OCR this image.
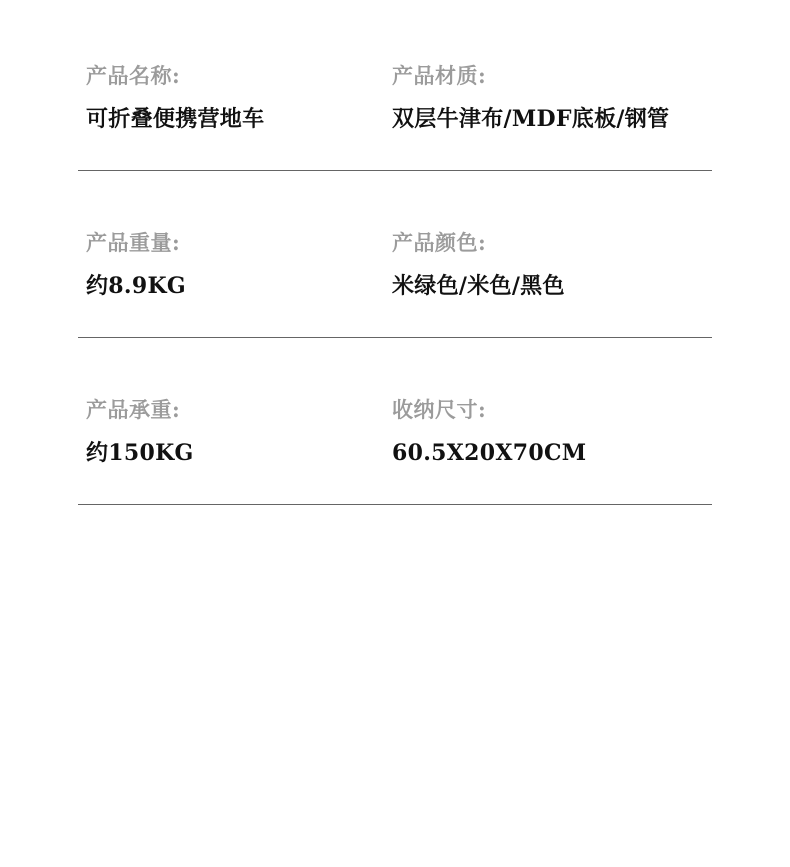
产品名称:
可折叠便携营地车
产品材质:
双层牛津布/MDF底板/钢管
产品重量:
约8.9KG
产品颜色:
米绿色/米色/黑色
产品承重:
约150KG
收纳尺寸:
60.5X20X70CM
